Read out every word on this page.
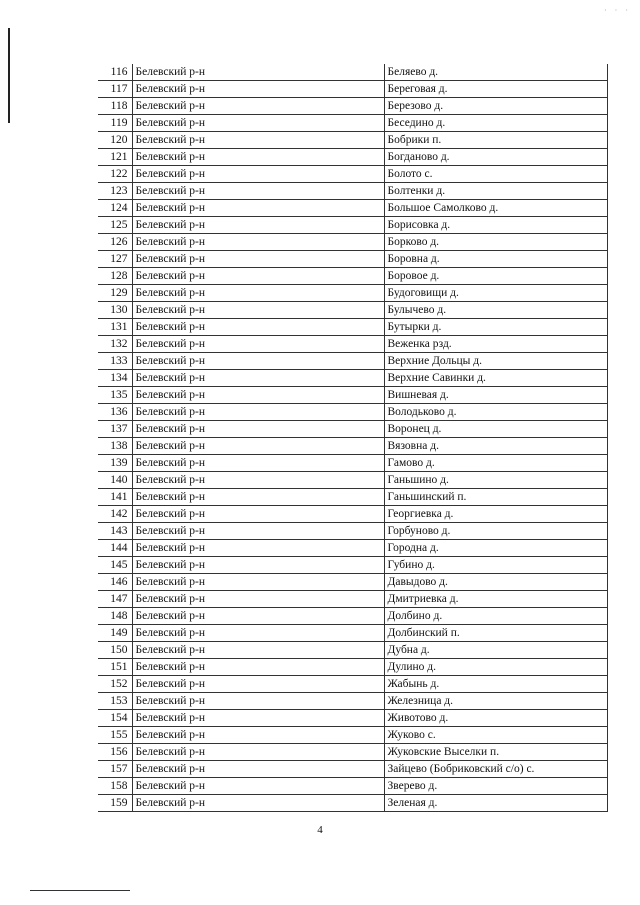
· · ·
116	Белевский р-н	Беляево д.
117	Белевский р-н	Береговая д.
118	Белевский р-н	Березово д.
119	Белевский р-н	Беседино д.
120	Белевский р-н	Бобрики п.
121	Белевский р-н	Богданово д.
122	Белевский р-н	Болото с.
123	Белевский р-н	Болтенки д.
124	Белевский р-н	Большое Самолково д.
125	Белевский р-н	Борисовка д.
126	Белевский р-н	Борково д.
127	Белевский р-н	Боровна д.
128	Белевский р-н	Боровое д.
129	Белевский р-н	Будоговищи д.
130	Белевский р-н	Булычево д.
131	Белевский р-н	Бутырки д.
132	Белевский р-н	Веженка рзд.
133	Белевский р-н	Верхние Дольцы д.
134	Белевский р-н	Верхние Савинки д.
135	Белевский р-н	Вишневая д.
136	Белевский р-н	Володьково д.
137	Белевский р-н	Воронец д.
138	Белевский р-н	Вязовна д.
139	Белевский р-н	Гамово д.
140	Белевский р-н	Ганьшино д.
141	Белевский р-н	Ганьшинский п.
142	Белевский р-н	Георгиевка д.
143	Белевский р-н	Горбуново д.
144	Белевский р-н	Городна д.
145	Белевский р-н	Губино д.
146	Белевский р-н	Давыдово д.
147	Белевский р-н	Дмитриевка д.
148	Белевский р-н	Долбино д.
149	Белевский р-н	Долбинский п.
150	Белевский р-н	Дубна д.
151	Белевский р-н	Дулино д.
152	Белевский р-н	Жабынь д.
153	Белевский р-н	Железница д.
154	Белевский р-н	Животово д.
155	Белевский р-н	Жуково с.
156	Белевский р-н	Жуковские Выселки п.
157	Белевский р-н	Зайцево (Бобриковский с/о) с.
158	Белевский р-н	Зверево д.
159	Белевский р-н	Зеленая д.
4
